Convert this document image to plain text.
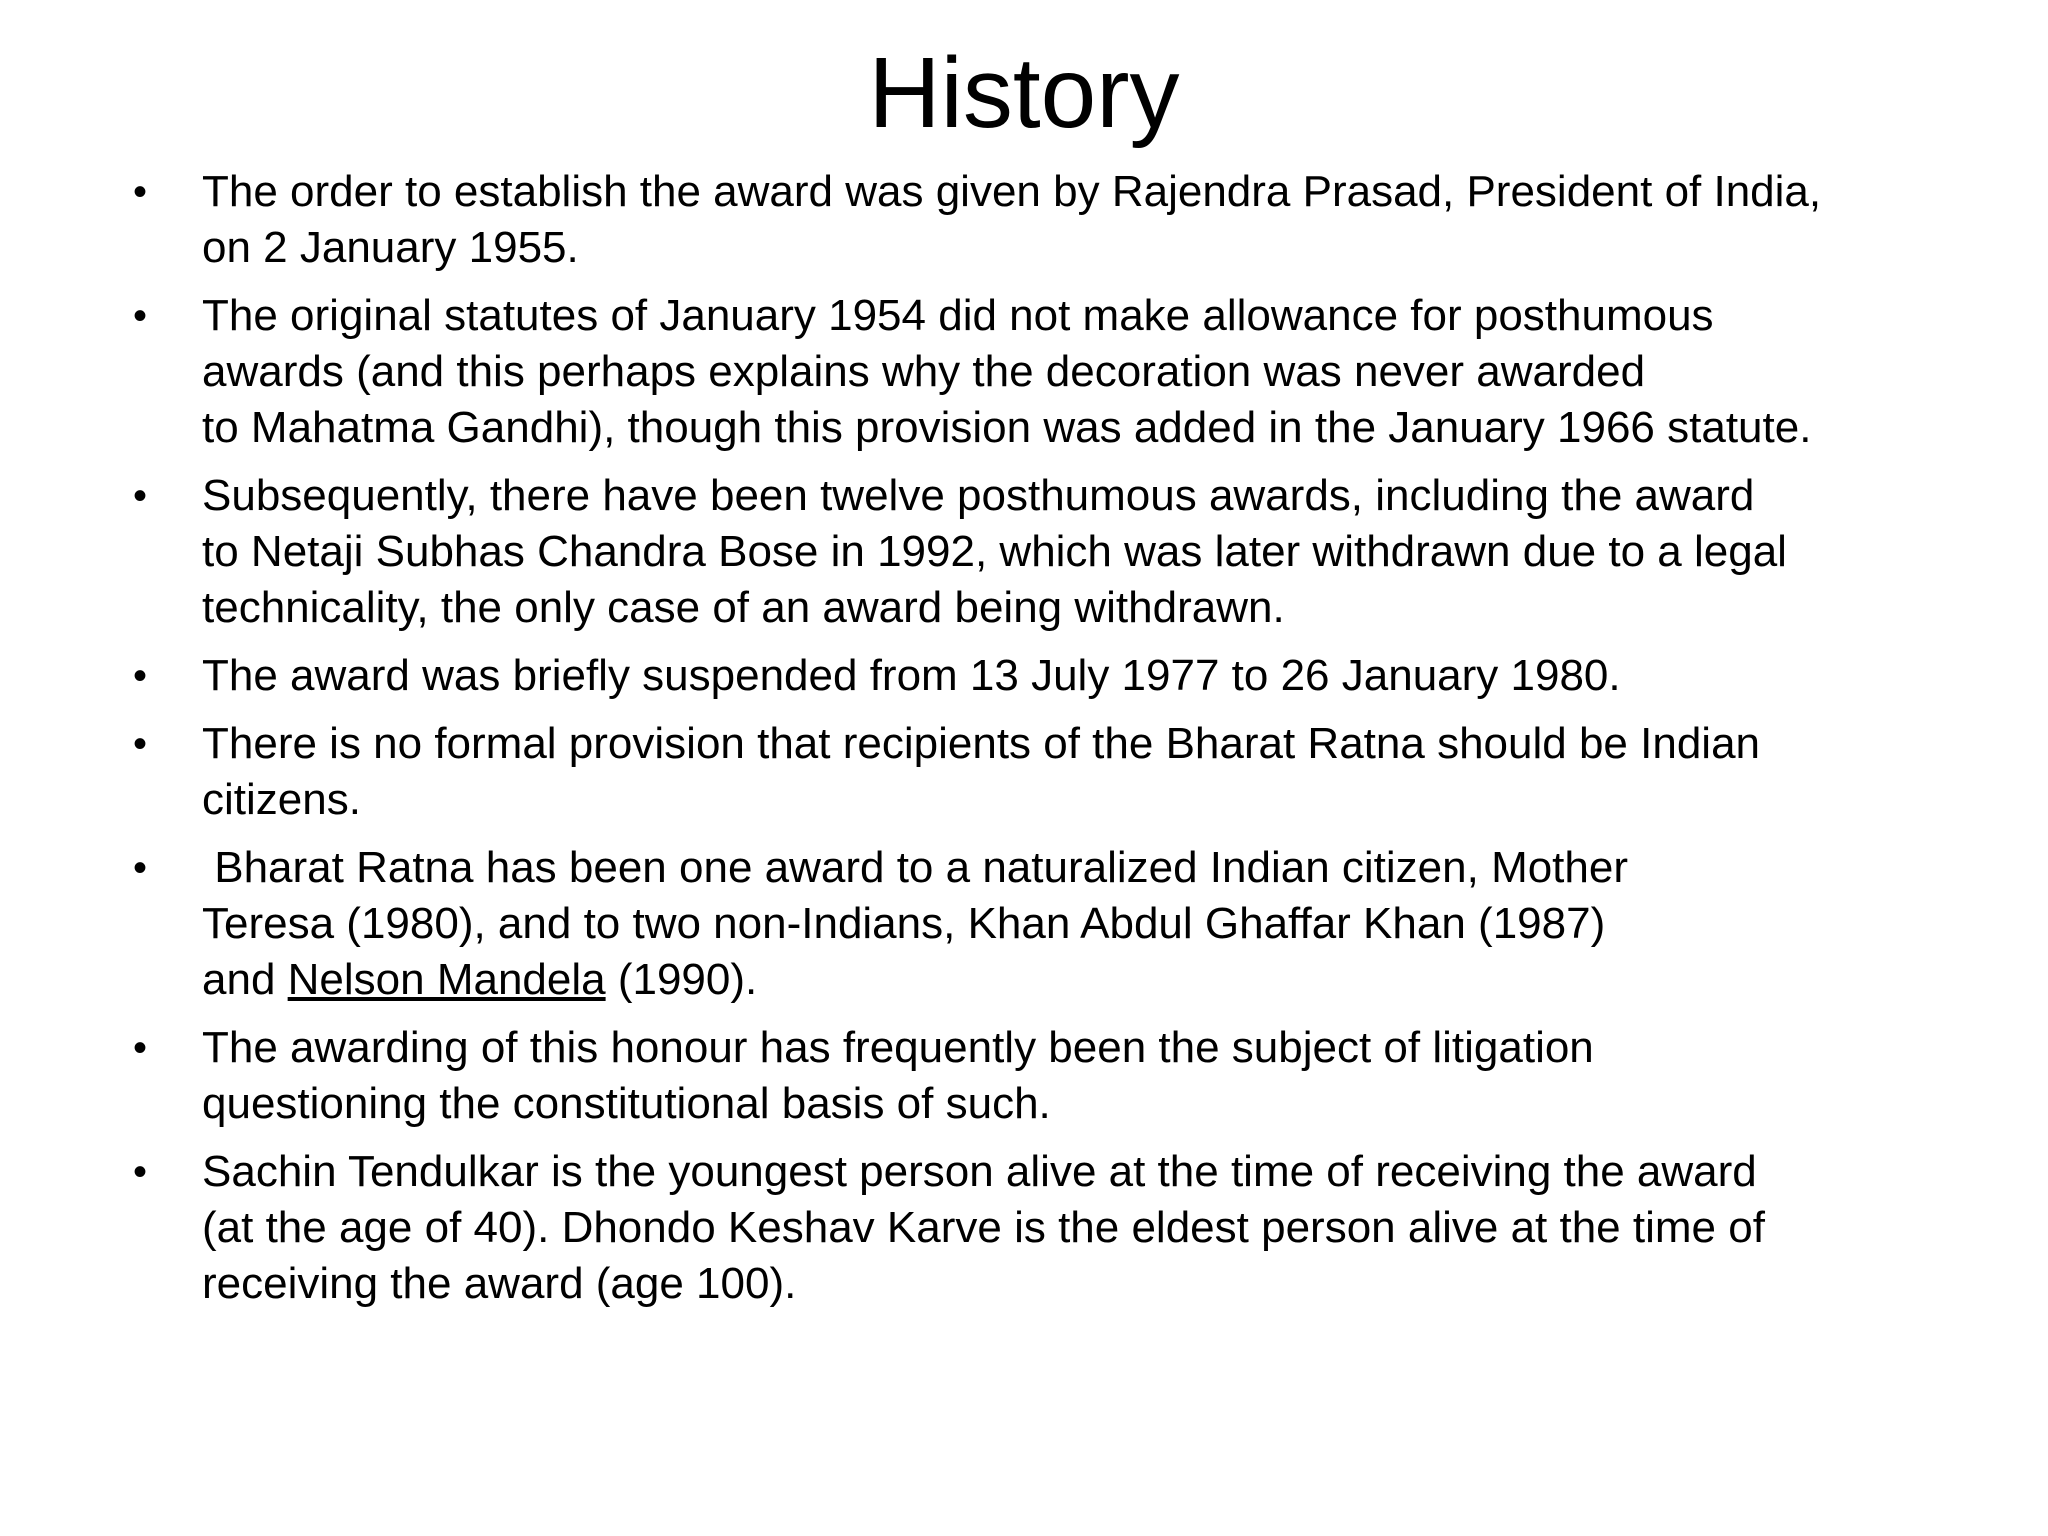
History
• The order to establish the award was given by Rajendra Prasad, President of India,
on 2 January 1955.
• The original statutes of January 1954 did not make allowance for posthumous
awards (and this perhaps explains why the decoration was never awarded
to Mahatma Gandhi), though this provision was added in the January 1966 statute.
• Subsequently, there have been twelve posthumous awards, including the award
to Netaji Subhas Chandra Bose in 1992, which was later withdrawn due to a legal
technicality, the only case of an award being withdrawn.
• The award was briefly suspended from 13 July 1977 to 26 January 1980.
• There is no formal provision that recipients of the Bharat Ratna should be Indian
citizens.
• Bharat Ratna has been one award to a naturalized Indian citizen, Mother
Teresa (1980), and to two non-Indians, Khan Abdul Ghaffar Khan (1987)
and Nelson Mandela (1990).
• The awarding of this honour has frequently been the subject of litigation
questioning the constitutional basis of such.
• Sachin Tendulkar is the youngest person alive at the time of receiving the award
(at the age of 40). Dhondo Keshav Karve is the eldest person alive at the time of
receiving the award (age 100).
